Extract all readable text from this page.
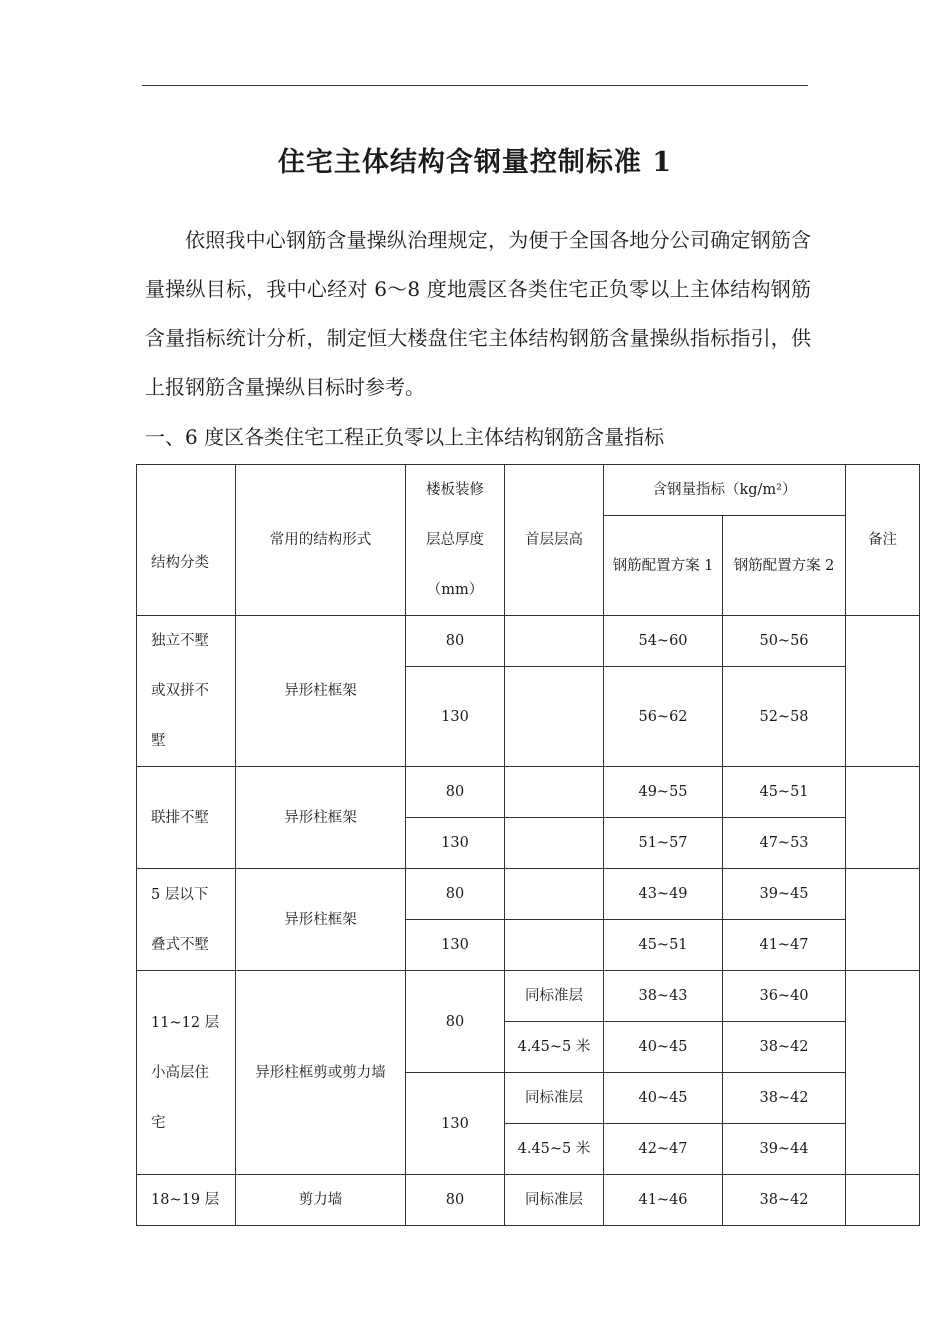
住宅主体结构含钢量控制标准 1

依照我中心钢筋含量操纵治理规定，为便于全国各地分公司确定钢筋含量操纵目标，我中心经对 6～8 度地震区各类住宅正负零以上主体结构钢筋含量指标统计分析，制定恒大楼盘住宅主体结构钢筋含量操纵指标指引，供上报钢筋含量操纵目标时参考。

一、6 度区各类住宅工程正负零以上主体结构钢筋含量指标
结构分类	常用的结构形式	楼板装修层总厚度（mm）	首层层高	含钢量指标（kg/m²）		备注
				钢筋配置方案 1	钢筋配置方案 2	

独立不墅或双拼不墅	异形柱框架	80		54~60	50~56	
		130		56~62	52~58	
联排不墅	异形柱框架	80		49~55	45~51	
		130		51~57	47~53	
5 层以下叠式不墅	异形柱框架	80		43~49	39~45	
		130		45~51	41~47	
11~12 层小高层住宅	异形柱框剪或剪力墙	80	同标准层	38~43	36~40	
			4.45~5 米	40~45	38~42	
		130	同标准层	40~45	38~42	
			4.45~5 米	42~47	39~44	
18~19 层	剪力墙	80	同标准层	41~46	38~42	
